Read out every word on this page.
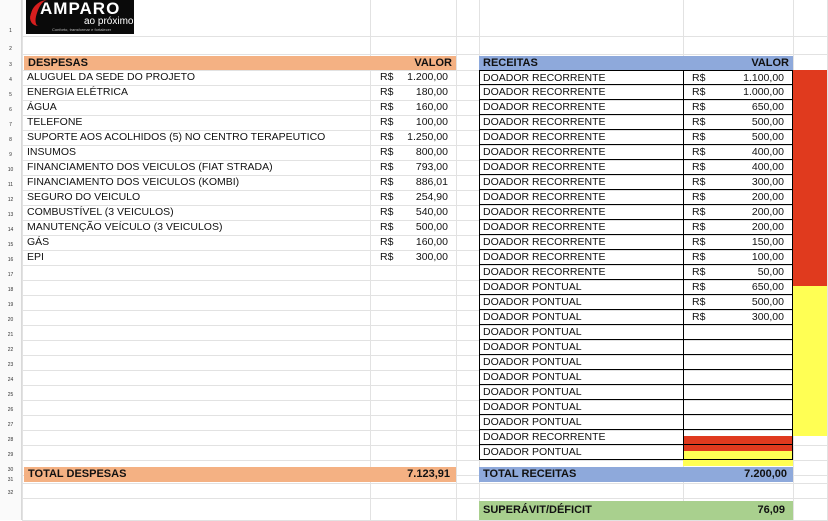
AMPARO
ao próximo
Conforto, transformar e fortalecer
DESPESAS	VALOR	RECEITAS	VALOR
TOTAL DESPESAS	7.123,91	TOTAL RECEITAS	7.200,00
SUPERÁVIT/DÉFICIT	76,09
1
2
3
4
5
6
7
8
9
10
11
12
13
14
15
16
17
18
19
20
21
22
23
24
25
26
27
28
29
30
31
32
ALUGUEL DA SEDE DO PROJETO	R$	1.200,00
ENERGIA ELÉTRICA	R$	180,00
ÁGUA	R$	160,00
TELEFONE	R$	100,00
SUPORTE AOS ACOLHIDOS (5) NO CENTRO TERAPEUTICO	R$	1.250,00
INSUMOS	R$	800,00
FINANCIAMENTO DOS VEICULOS (FIAT STRADA)	R$	793,00
FINANCIAMENTO DOS VEICULOS (KOMBI)	R$	886,01
SEGURO DO VEICULO	R$	254,90
COMBUSTÍVEL (3 VEICULOS)	R$	540,00
MANUTENÇÃO VEÍCULO (3 VEICULOS)	R$	500,00
GÁS	R$	160,00
EPI	R$	300,00
DOADOR RECORRENTE	R$	1.100,00
DOADOR RECORRENTE	R$	1.000,00
DOADOR RECORRENTE	R$	650,00
DOADOR RECORRENTE	R$	500,00
DOADOR RECORRENTE	R$	500,00
DOADOR RECORRENTE	R$	400,00
DOADOR RECORRENTE	R$	400,00
DOADOR RECORRENTE	R$	300,00
DOADOR RECORRENTE	R$	200,00
DOADOR RECORRENTE	R$	200,00
DOADOR RECORRENTE	R$	200,00
DOADOR RECORRENTE	R$	150,00
DOADOR RECORRENTE	R$	100,00
DOADOR RECORRENTE	R$	50,00
DOADOR PONTUAL	R$	650,00
DOADOR PONTUAL	R$	500,00
DOADOR PONTUAL	R$	300,00
DOADOR PONTUAL
DOADOR PONTUAL
DOADOR PONTUAL
DOADOR PONTUAL
DOADOR PONTUAL
DOADOR PONTUAL
DOADOR PONTUAL
DOADOR RECORRENTE
DOADOR PONTUAL
